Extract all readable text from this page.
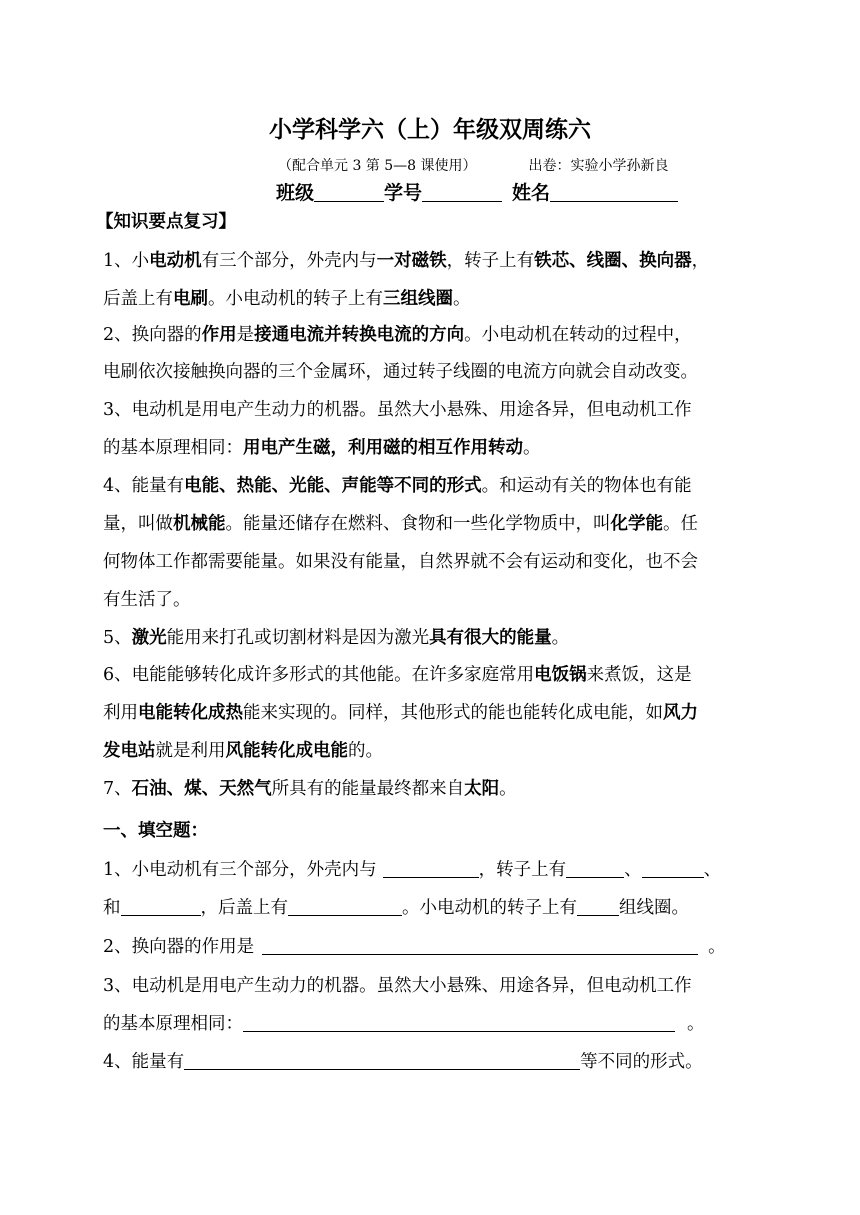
小学科学六（上）年级双周练六
（配合单元 3 第 5—8 课使用）	出卷：实验小学孙新良
班级	学号	姓名
【知识要点复习】
1、小电动机有三个部分，外壳内与一对磁铁，转子上有铁芯、线圈、换向器，
后盖上有电刷。小电动机的转子上有三组线圈。
2、换向器的作用是接通电流并转换电流的方向。小电动机在转动的过程中，
电刷依次接触换向器的三个金属环，通过转子线圈的电流方向就会自动改变。
3、电动机是用电产生动力的机器。虽然大小悬殊、用途各异，但电动机工作
的基本原理相同：用电产生磁，利用磁的相互作用转动。
4、能量有电能、热能、光能、声能等不同的形式。和运动有关的物体也有能
量，叫做机械能。能量还储存在燃料、食物和一些化学物质中，叫化学能。任
何物体工作都需要能量。如果没有能量，自然界就不会有运动和变化，也不会
有生活了。
5、激光能用来打孔或切割材料是因为激光具有很大的能量。
6、电能能够转化成许多形式的其他能。在许多家庭常用电饭锅来煮饭，这是
利用电能转化成热能来实现的。同样，其他形式的能也能转化成电能，如风力
发电站就是利用风能转化成电能的。
7、石油、煤、天然气所具有的能量最终都来自太阳。
一、填空题：
1、小电动机有三个部分，外壳内与	，转子上有	、	、
和	，后盖上有	。小电动机的转子上有 组线圈。
2、换向器的作用是	。
3、电动机是用电产生动力的机器。虽然大小悬殊、用途各异，但电动机工作
的基本原理相同：	。
4、能量有	等不同的形式。
